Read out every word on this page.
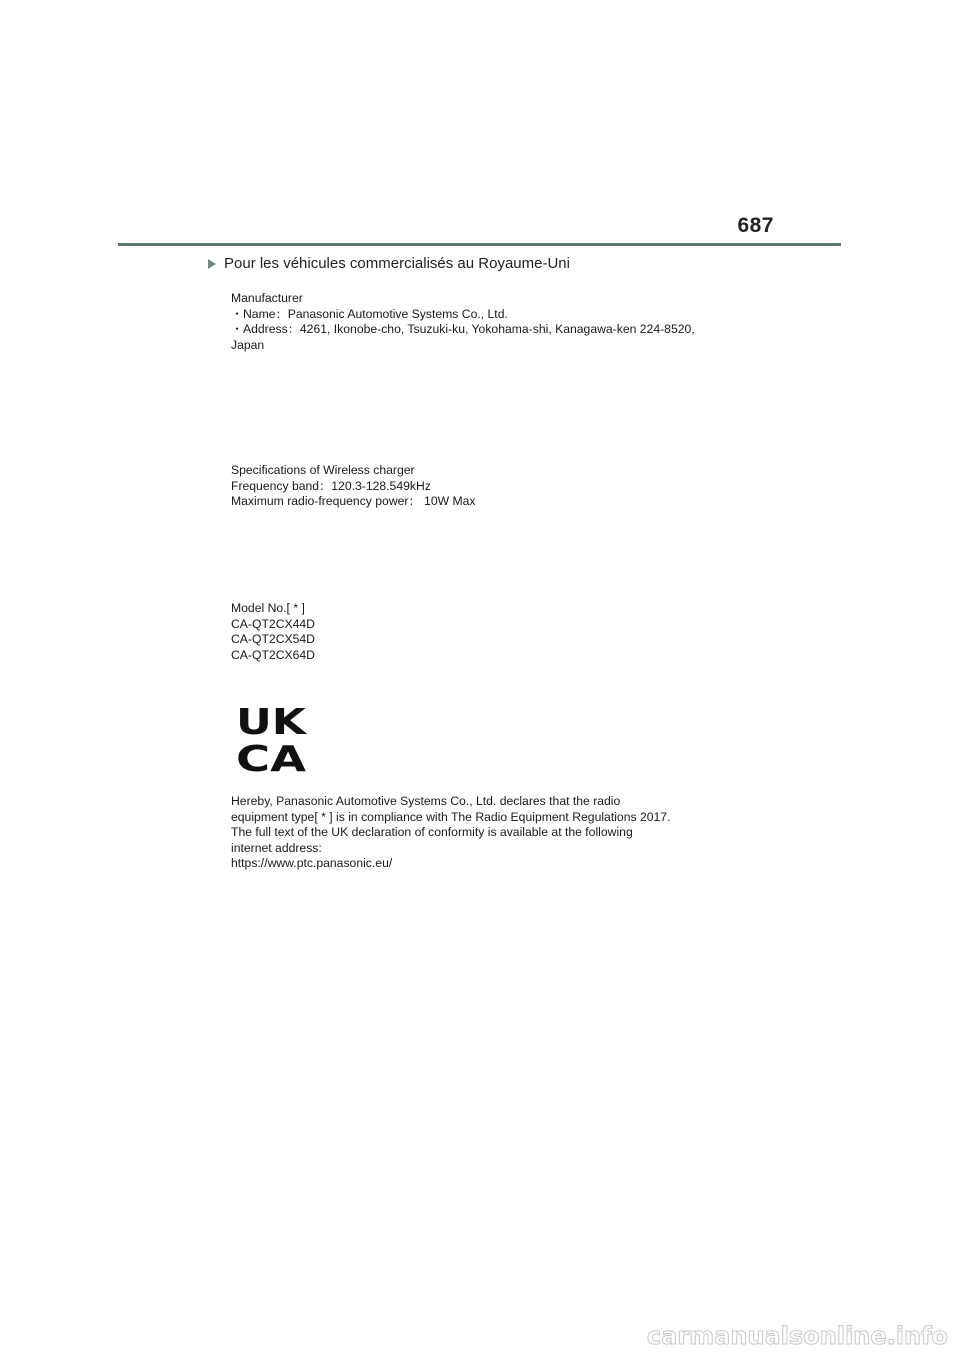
687
Pour les véhicules commercialisés au Royaume-Uni
Manufacturer
・Name：Panasonic Automotive Systems Co., Ltd.
・Address：4261, Ikonobe-cho, Tsuzuki-ku, Yokohama-shi, Kanagawa-ken 224-8520,
Japan
Specifications of Wireless charger
Frequency band：120.3-128.549kHz
Maximum radio-frequency power： 10W Max
Model No.[ * ]
CA-QT2CX44D
CA-QT2CX54D
CA-QT2CX64D
UK
CA
Hereby, Panasonic Automotive Systems Co., Ltd. declares that the radio
equipment type[ * ] is in compliance with The Radio Equipment Regulations 2017.
The full text of the UK declaration of conformity is available at the following
internet address:
https://www.ptc.panasonic.eu/
carmanualsonline.info
